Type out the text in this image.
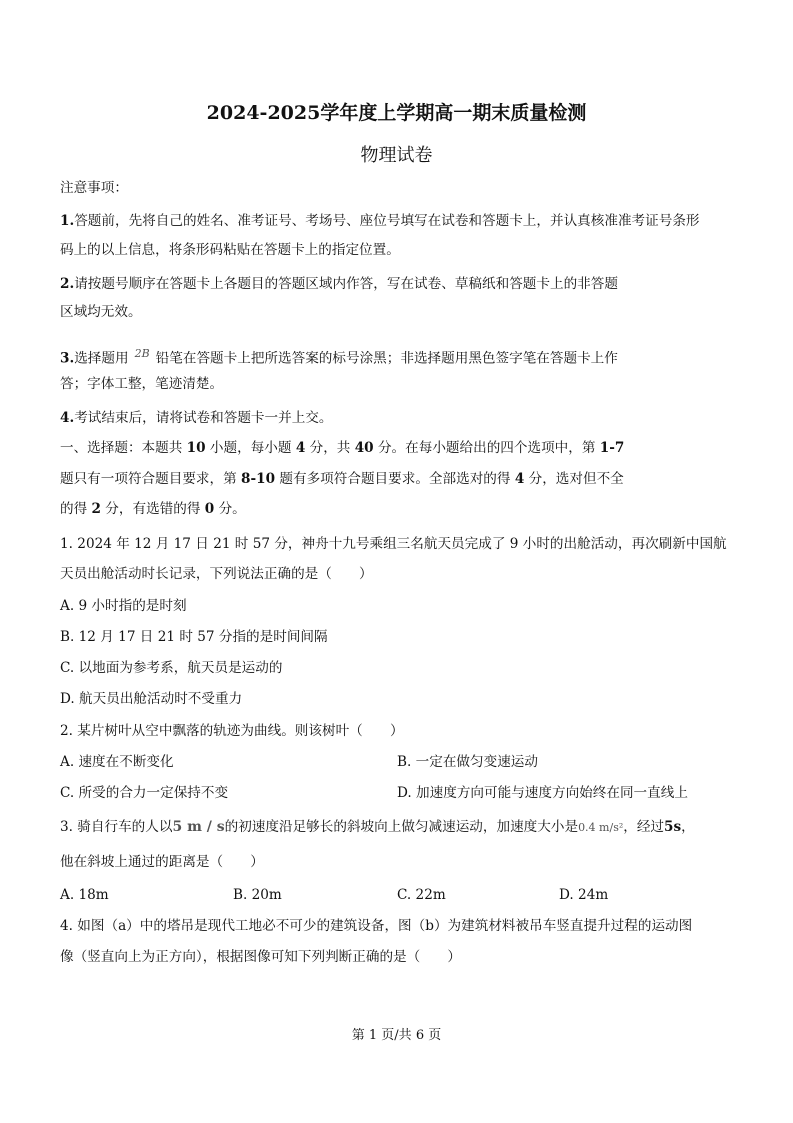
2024-2025学年度上学期高一期末质量检测
物理试卷
注意事项：
1.答题前，先将自己的姓名、准考证号、考场号、座位号填写在试卷和答题卡上，并认真核准准考证号条形
码上的以上信息，将条形码粘贴在答题卡上的指定位置。
2.请按题号顺序在答题卡上各题目的答题区域内作答，写在试卷、草稿纸和答题卡上的非答题
区域均无效。
3.选择题用 $^{2B}$ 铅笔在答题卡上把所选答案的标号涂黑；非选择题用黑色签字笔在答题卡上作
答；字体工整，笔迹清楚。
4.考试结束后，请将试卷和答题卡一并上交。
一、选择题：本题共 10 小题，每小题 4 分，共 40 分。在每小题给出的四个选项中，第 1-7
题只有一项符合题目要求，第 8-10 题有多项符合题目要求。全部选对的得 4 分，选对但不全
的得 2 分，有选错的得 0 分。
1. 2024 年 12 月 17 日 21 时 57 分，神舟十九号乘组三名航天员完成了 9 小时的出舱活动，再次刷新中国航
天员出舱活动时长记录，下列说法正确的是（　　）
A. 9 小时指的是时刻
B. 12 月 17 日 21 时 57 分指的是时间间隔
C. 以地面为参考系，航天员是运动的
D. 航天员出舱活动时不受重力
2. 某片树叶从空中飘落的轨迹为曲线。则该树叶（　　）
A. 速度在不断变化	B. 一定在做匀变速运动
C. 所受的合力一定保持不变	D. 加速度方向可能与速度方向始终在同一直线上
3. 骑自行车的人以5 m / s的初速度沿足够长的斜坡向上做匀减速运动，加速度大小是0.4 m/s²，经过5s，
他在斜坡上通过的距离是（　　）
A. 18m	B. 20m	C. 22m	D. 24m
4. 如图（a）中的塔吊是现代工地必不可少的建筑设备，图（b）为建筑材料被吊车竖直提升过程的运动图
像（竖直向上为正方向），根据图像可知下列判断正确的是（　　）
第 1 页/共 6 页
